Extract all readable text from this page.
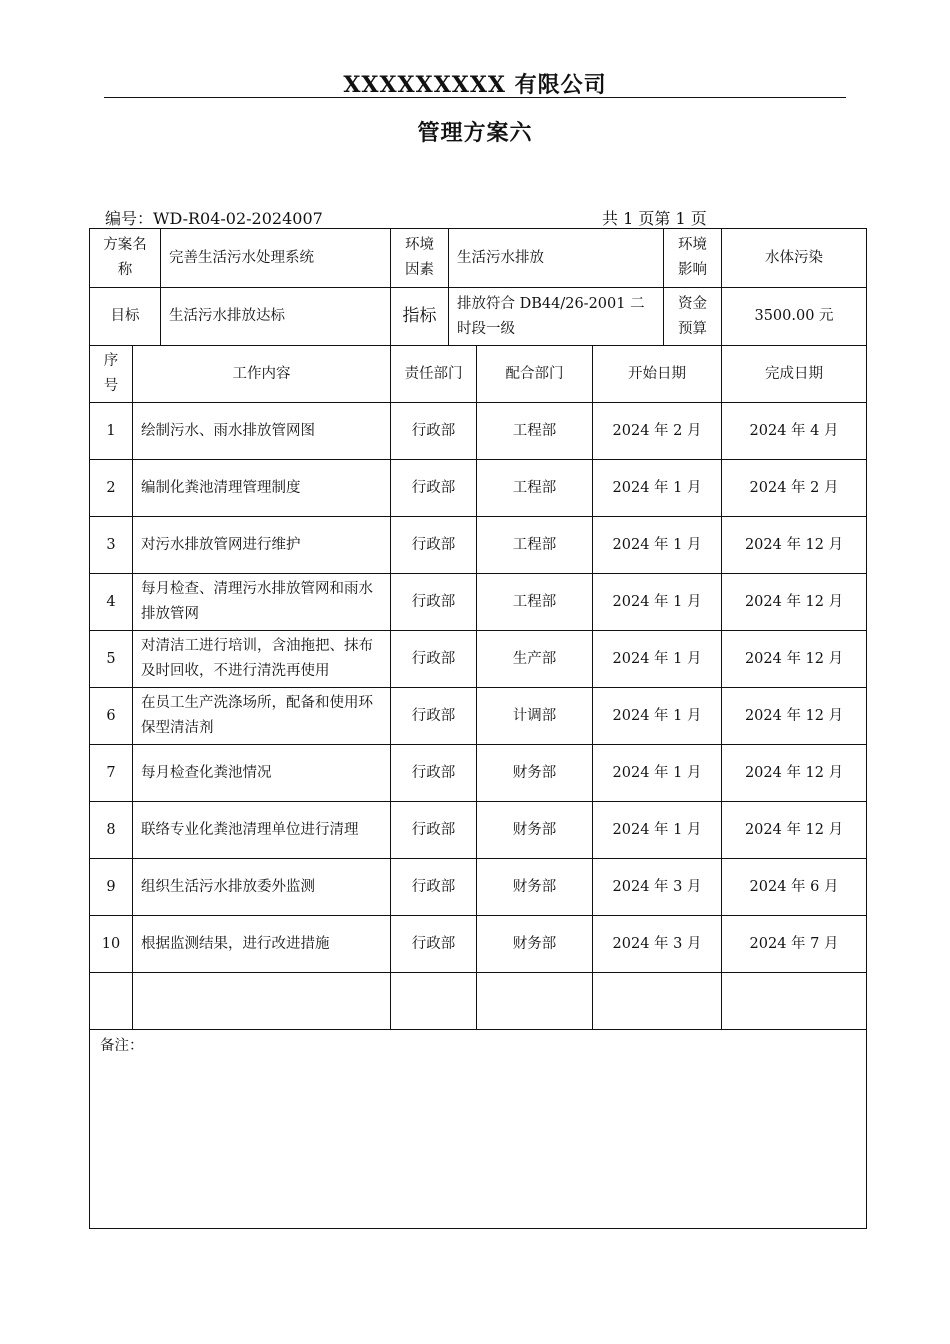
XXXXXXXXX 有限公司
管理方案六
编号：WD-R04-02-2024007	共 1 页第 1 页
方案名称		完善生活污水处理系统	环境因素	生活污水排放			环境影响	水体污染
目标		生活污水排放达标	指标	排放符合 DB44/26-2001 二时段一级			资金预算	3500.00 元
序号	工作内容		责任部门		配合部门	开始日期		完成日期
1	绘制污水、雨水排放管网图		行政部		工程部	2024 年 2 月		2024 年 4 月
2	编制化粪池清理管理制度		行政部		工程部	2024 年 1 月		2024 年 2 月
3	对污水排放管网进行维护		行政部		工程部	2024 年 1 月		2024 年 12 月
4	每月检查、清理污水排放管网和雨水排放管网		行政部		工程部	2024 年 1 月		2024 年 12 月
5	对清洁工进行培训，含油拖把、抹布及时回收，不进行清洗再使用		行政部		生产部	2024 年 1 月		2024 年 12 月
6	在员工生产洗涤场所，配备和使用环保型清洁剂		行政部		计调部	2024 年 1 月		2024 年 12 月
7	每月检查化粪池情况		行政部		财务部	2024 年 1 月		2024 年 12 月
8	联络专业化粪池清理单位进行清理		行政部		财务部	2024 年 1 月		2024 年 12 月
9	组织生活污水排放委外监测		行政部		财务部	2024 年 3 月		2024 年 6 月
10	根据监测结果，进行改进措施		行政部		财务部	2024 年 3 月		2024 年 7 月

备注：								
